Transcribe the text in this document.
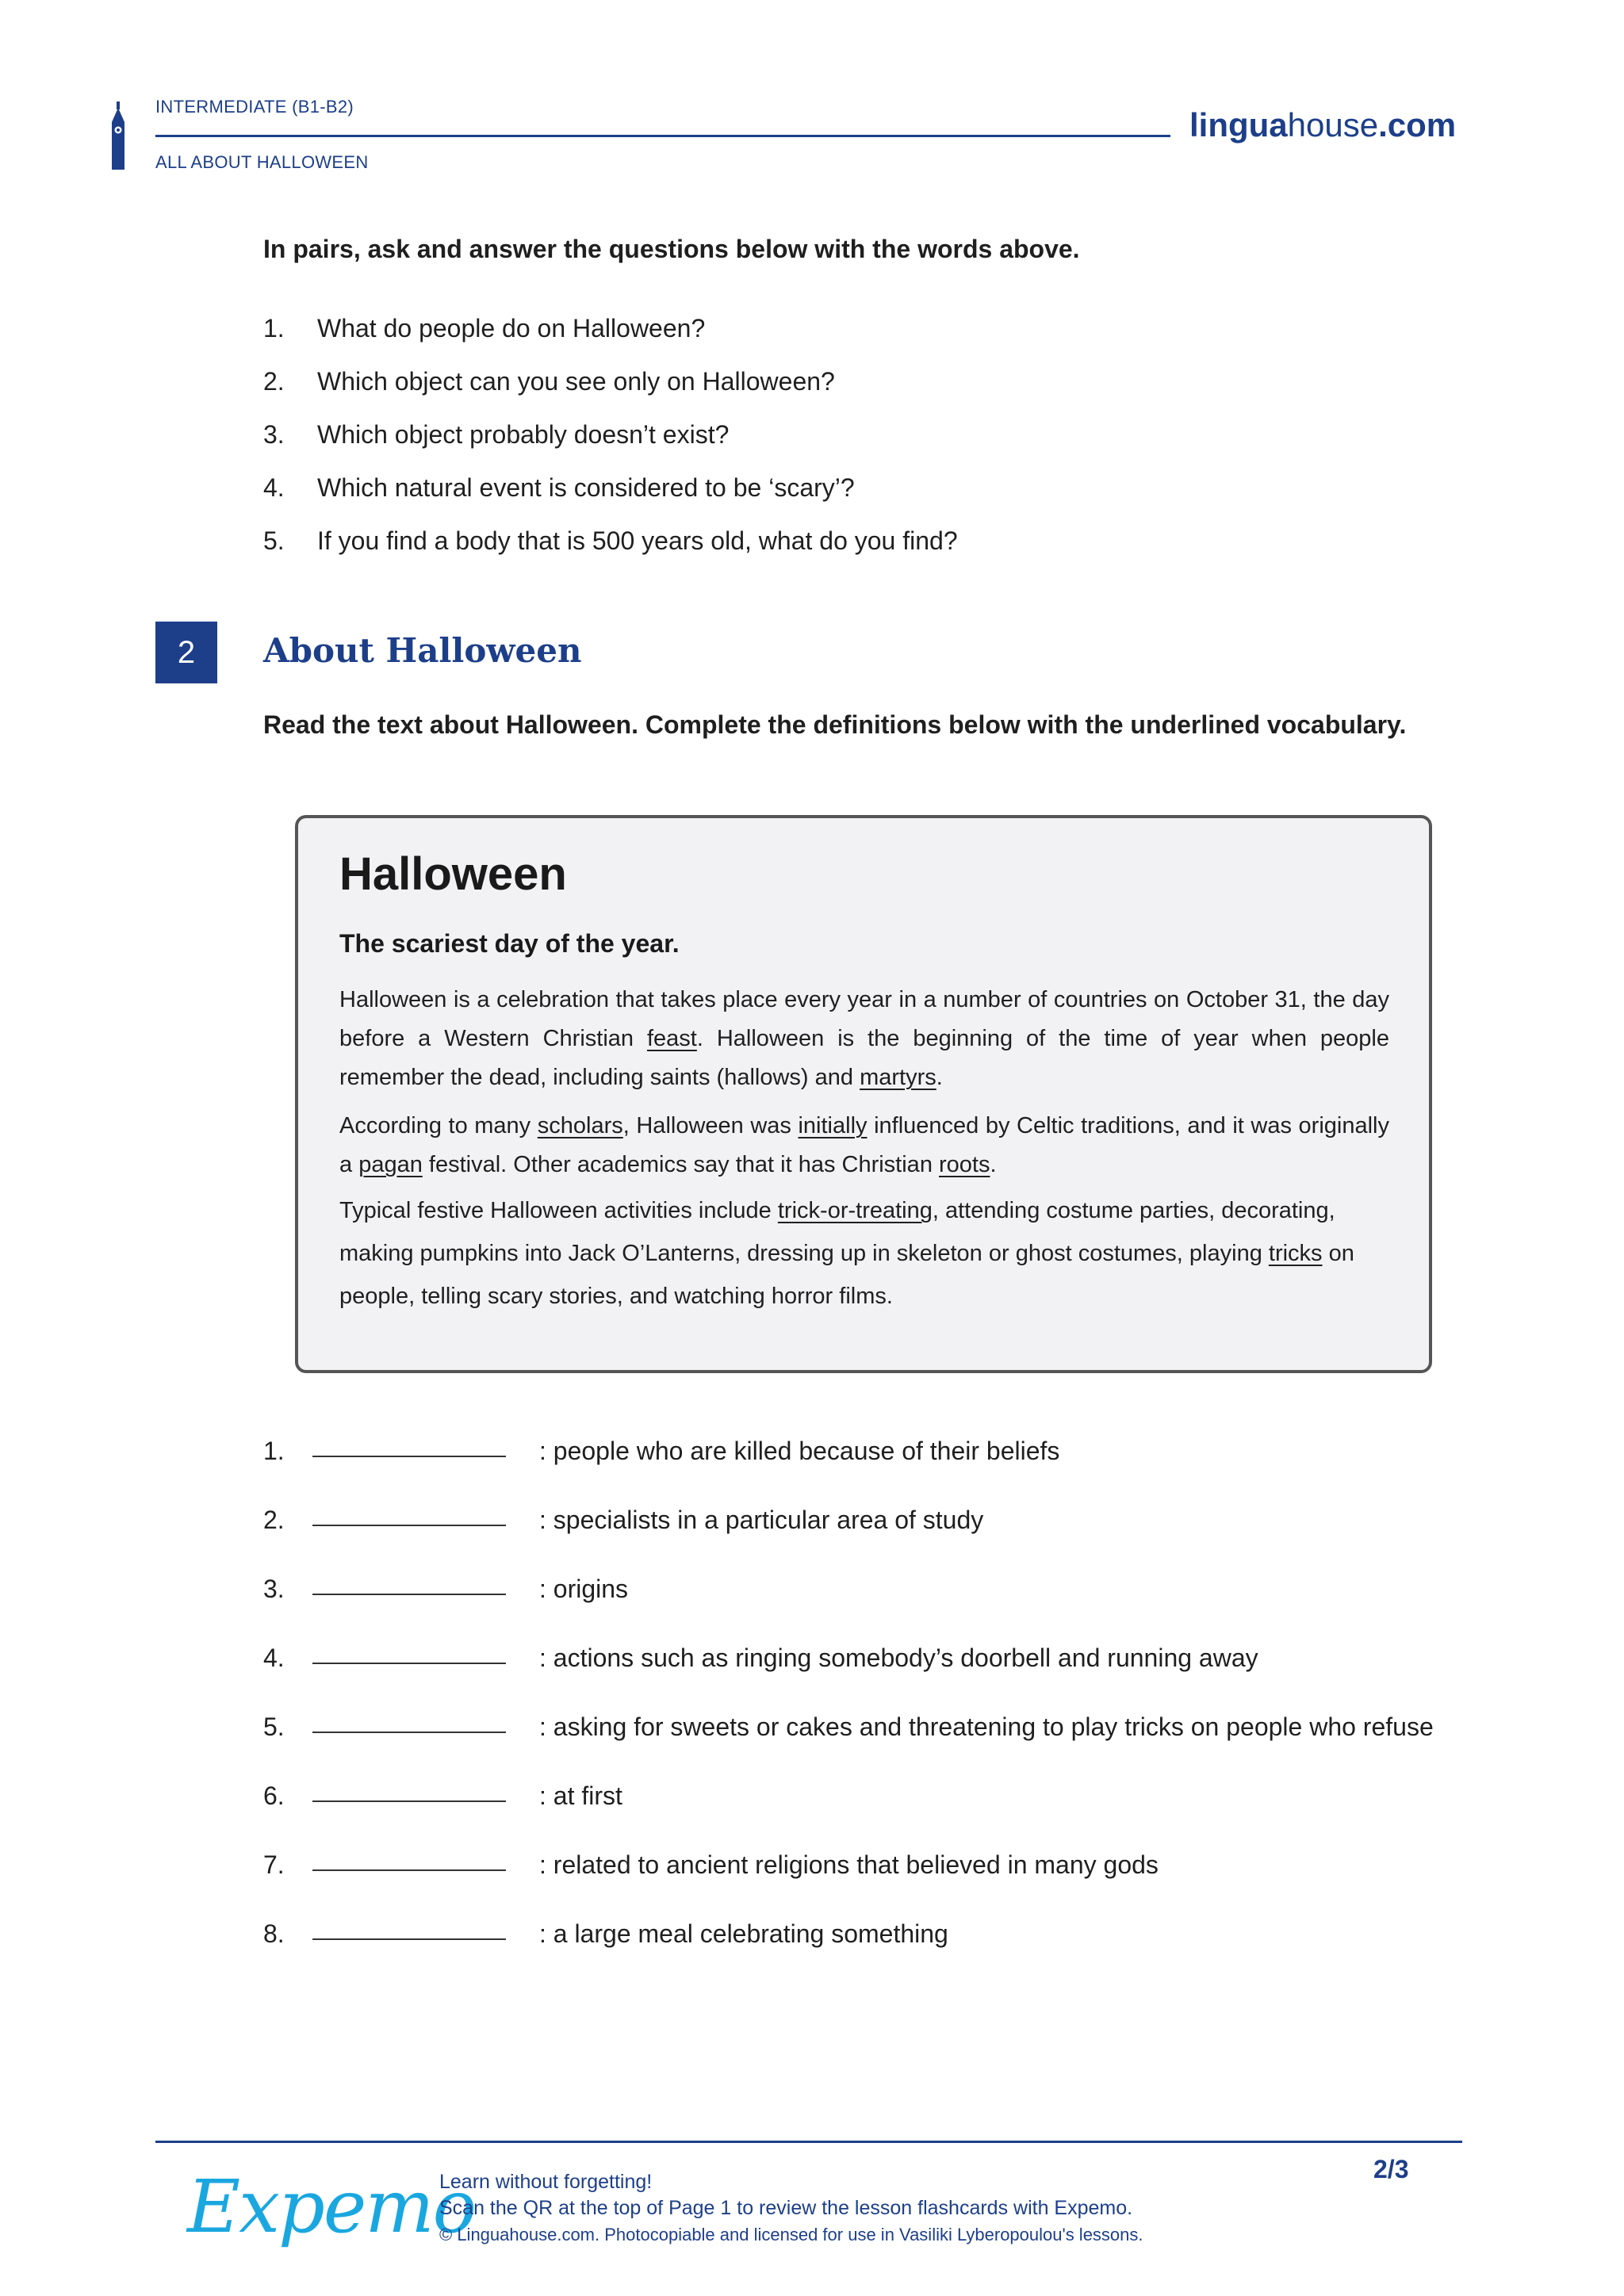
INTERMEDIATE (B1-B2)
ALL ABOUT HALLOWEEN
linguahouse.com
In pairs, ask and answer the questions below with the words above.
1.	What do people do on Halloween?
2.	Which object can you see only on Halloween?
3.	Which object probably doesn’t exist?
4.	Which natural event is considered to be ‘scary’?
5.	If you find a body that is 500 years old, what do you find?
2	About Halloween
Read the text about Halloween. Complete the definitions below with the underlined vocabulary.
Halloween
The scariest day of the year.

Halloween is a celebration that takes place every year in a number of countries on October 31, the day before a Western Christian feast. Halloween is the beginning of the time of year when people remember the dead, including saints (hallows) and martyrs.

According to many scholars, Halloween was initially influenced by Celtic traditions, and it was originally a pagan festival. Other academics say that it has Christian roots.

Typical festive Halloween activities include trick-or-treating, attending costume parties, decorating, making pumpkins into Jack O’Lanterns, dressing up in skeleton or ghost costumes, playing tricks on people, telling scary stories, and watching horror films.

1.	: people who are killed because of their beliefs
2.	: specialists in a particular area of study
3.	: origins
4.	: actions such as ringing somebody’s doorbell and running away
5.	: asking for sweets or cakes and threatening to play tricks on people who refuse
6.	: at first
7.	: related to ancient religions that believed in many gods
8.	: a large meal celebrating something
Expemo
Learn without forgetting!
Scan the QR at the top of Page 1 to review the lesson flashcards with Expemo.
© Linguahouse.com. Photocopiable and licensed for use in Vasiliki Lyberopoulou's lessons.
2/3
